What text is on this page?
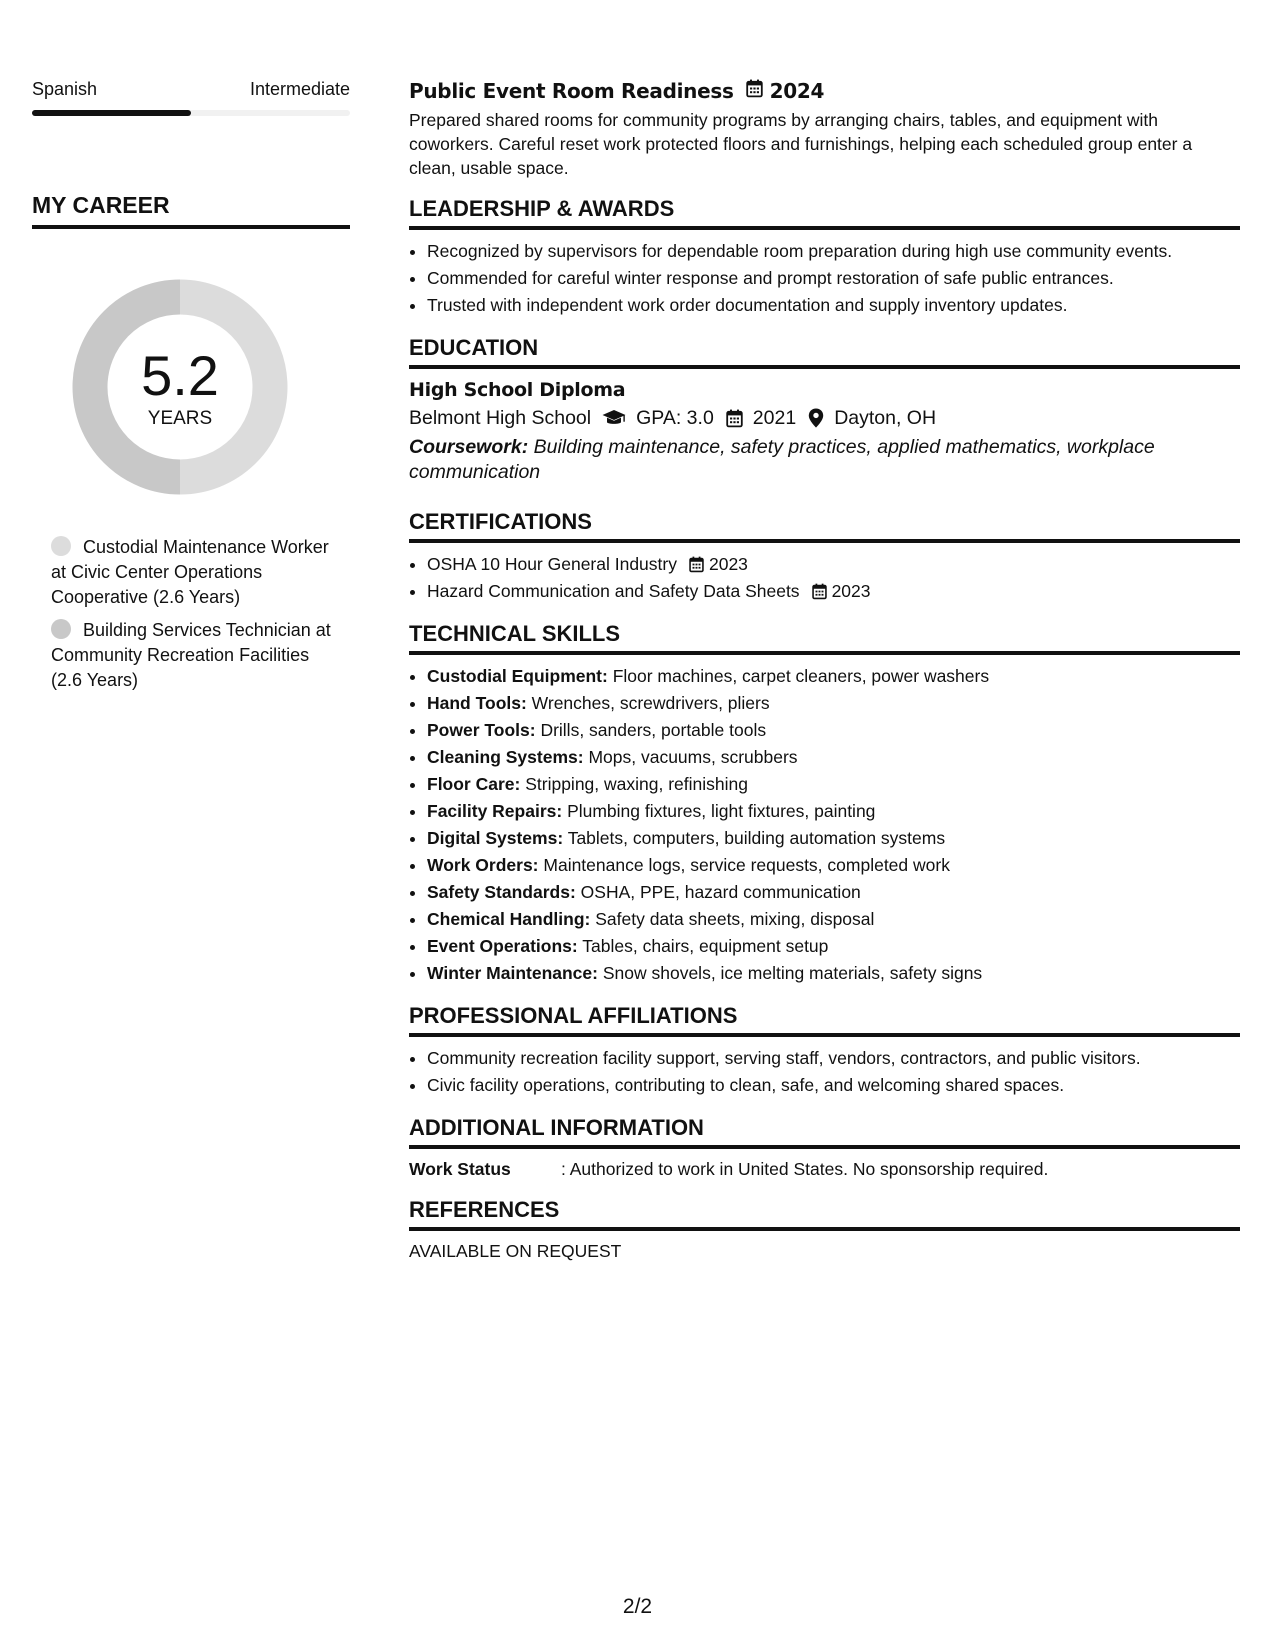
Spanish	Intermediate
MY CAREER
5.2
YEARS
Custodial Maintenance Worker at Civic Center Operations Cooperative (2.6 Years)
Building Services Technician at Community Recreation Facilities (2.6 Years)
Public Event Room Readiness 2024
Prepared shared rooms for community programs by arranging chairs, tables, and equipment with coworkers. Careful reset work protected floors and furnishings, helping each scheduled group enter a clean, usable space.
LEADERSHIP & AWARDS
• Recognized by supervisors for dependable room preparation during high use community events.
• Commended for careful winter response and prompt restoration of safe public entrances.
• Trusted with independent work order documentation and supply inventory updates.
EDUCATION
High School Diploma
Belmont High School GPA: 3.0 2021 Dayton, OH
Coursework: Building maintenance, safety practices, applied mathematics, workplace communication
CERTIFICATIONS
• OSHA 10 Hour General Industry 2023
• Hazard Communication and Safety Data Sheets 2023
TECHNICAL SKILLS
• Custodial Equipment: Floor machines, carpet cleaners, power washers
• Hand Tools: Wrenches, screwdrivers, pliers
• Power Tools: Drills, sanders, portable tools
• Cleaning Systems: Mops, vacuums, scrubbers
• Floor Care: Stripping, waxing, refinishing
• Facility Repairs: Plumbing fixtures, light fixtures, painting
• Digital Systems: Tablets, computers, building automation systems
• Work Orders: Maintenance logs, service requests, completed work
• Safety Standards: OSHA, PPE, hazard communication
• Chemical Handling: Safety data sheets, mixing, disposal
• Event Operations: Tables, chairs, equipment setup
• Winter Maintenance: Snow shovels, ice melting materials, safety signs
PROFESSIONAL AFFILIATIONS
• Community recreation facility support, serving staff, vendors, contractors, and public visitors.
• Civic facility operations, contributing to clean, safe, and welcoming shared spaces.
ADDITIONAL INFORMATION
Work Status	: Authorized to work in United States. No sponsorship required.
REFERENCES
AVAILABLE ON REQUEST
2/2
